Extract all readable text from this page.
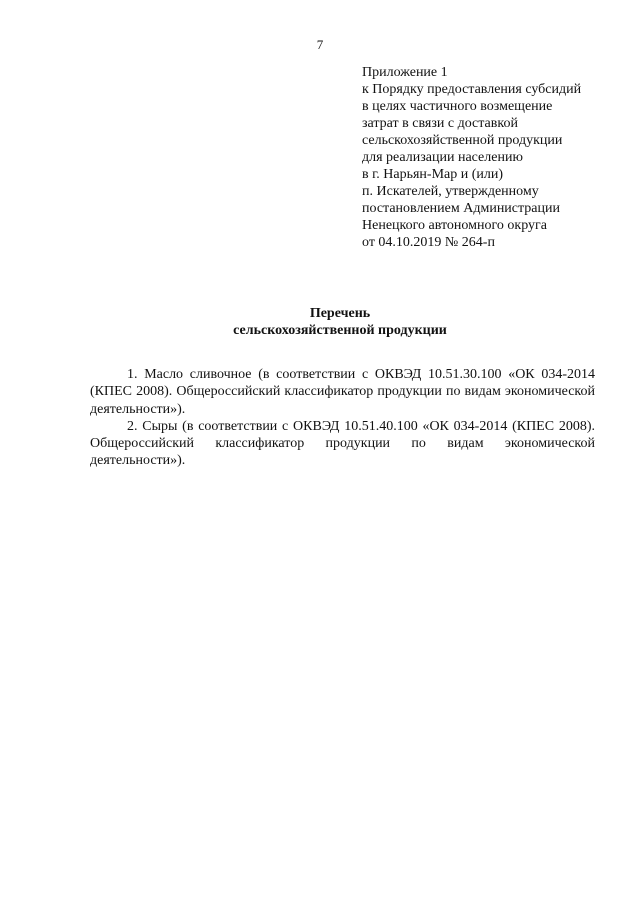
7
Приложение 1
к Порядку предоставления субсидий
в целях частичного возмещение
затрат в связи с доставкой
сельскохозяйственной продукции
для реализации населению
в г. Нарьян-Мар и (или)
п. Искателей, утвержденному
постановлением Администрации
Ненецкого автономного округа
от 04.10.2019 № 264-п
Перечень
сельскохозяйственной продукции

1. Масло сливочное (в соответствии с ОКВЭД 10.51.30.100 «ОК 034-2014 (КПЕС 2008). Общероссийский классификатор продукции по видам экономической деятельности»).

2. Сыры (в соответствии с ОКВЭД 10.51.40.100 «ОК 034-2014 (КПЕС 2008). Общероссийский классификатор продукции по видам экономической деятельности»).
